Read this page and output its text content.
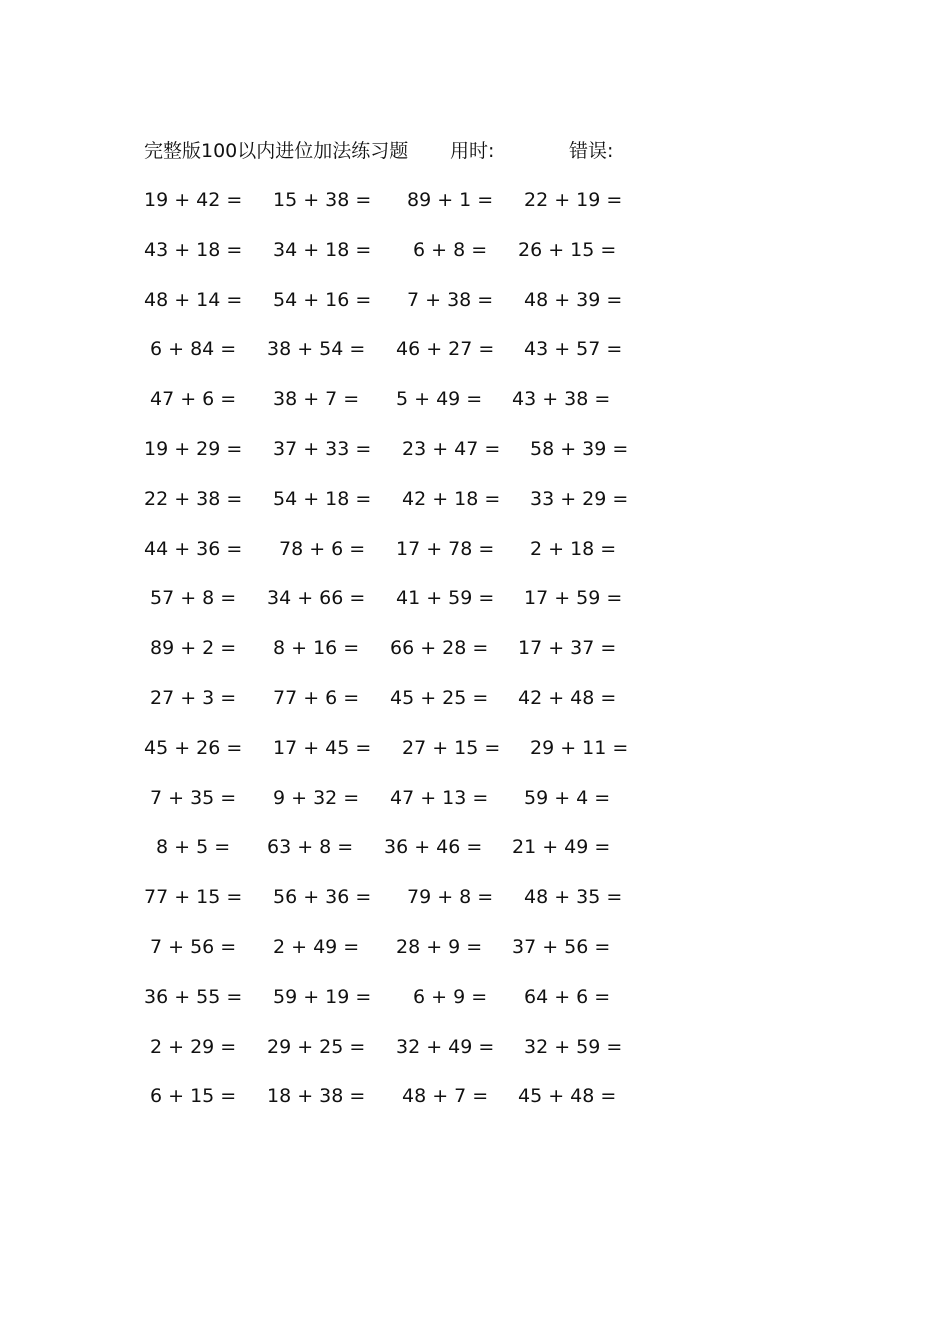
完整版100以内进位加法练习题 用时:	错误:
19 + 42 = 15 + 38 = 89 + 1 = 22 + 19 =
43 + 18 = 34 + 18 = 6 + 8 = 26 + 15 =
48 + 14 = 54 + 16 = 7 + 38 = 48 + 39 =
6 + 84 = 38 + 54 = 46 + 27 = 43 + 57 =
47 + 6 = 38 + 7 = 5 + 49 = 43 + 38 =
19 + 29 = 37 + 33 = 23 + 47 = 58 + 39 =
22 + 38 = 54 + 18 = 42 + 18 = 33 + 29 =
44 + 36 = 78 + 6 = 17 + 78 = 2 + 18 =
57 + 8 = 34 + 66 = 41 + 59 = 17 + 59 =
89 + 2 = 8 + 16 = 66 + 28 = 17 + 37 =
27 + 3 = 77 + 6 = 45 + 25 = 42 + 48 =
45 + 26 = 17 + 45 = 27 + 15 = 29 + 11 =
7 + 35 = 9 + 32 = 47 + 13 = 59 + 4 =
8 + 5 = 63 + 8 = 36 + 46 = 21 + 49 =
77 + 15 = 56 + 36 = 79 + 8 = 48 + 35 =
7 + 56 = 2 + 49 = 28 + 9 = 37 + 56 =
36 + 55 = 59 + 19 = 6 + 9 = 64 + 6 =
2 + 29 = 29 + 25 = 32 + 49 = 32 + 59 =
6 + 15 = 18 + 38 = 48 + 7 = 45 + 48 =
